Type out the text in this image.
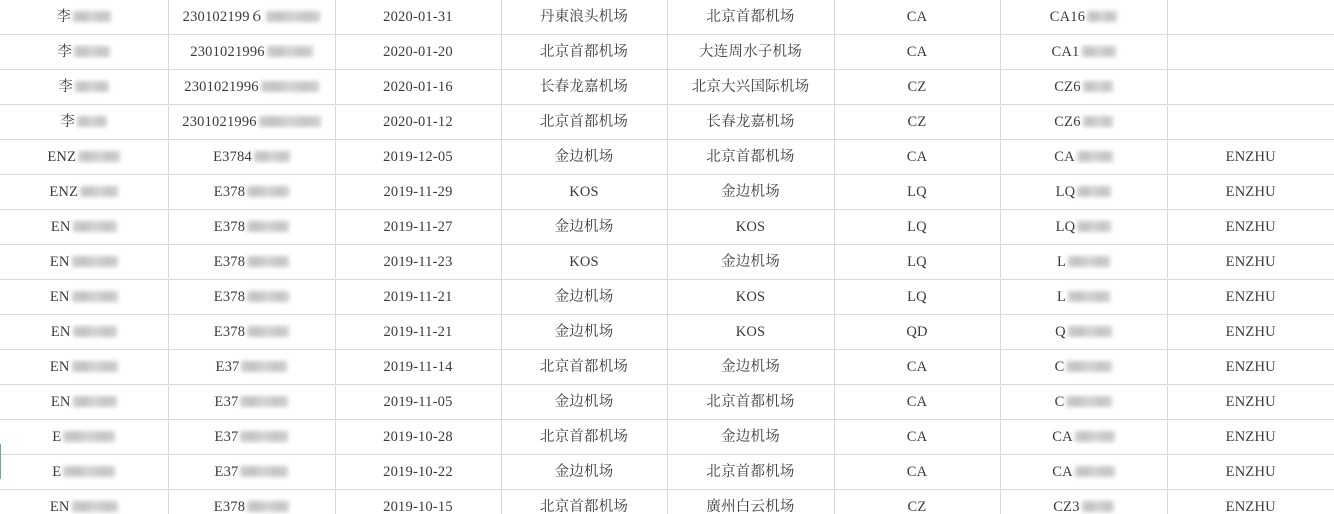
李	230102199６	2020-01-31	丹東浪头机场	北京首都机场	CA	CA16	

李	2301021996	2020-01-20	北京首都机场	大连周水子机场	CA	CA1	

李	2301021996	2020-01-16	长春龙嘉机场	北京大兴国际机场	CZ	CZ6	

李	2301021996	2020-01-12	北京首都机场	长春龙嘉机场	CZ	CZ6	

ENZ	E3784	2019-12-05	金边机场	北京首都机场	CA	CA	ENZHU

ENZ	E378	2019-11-29	KOS	金边机场	LQ	LQ	ENZHU

EN	E378	2019-11-27	金边机场	KOS	LQ	LQ	ENZHU

EN	E378	2019-11-23	KOS	金边机场	LQ	L	ENZHU

EN	E378	2019-11-21	金边机场	KOS	LQ	L	ENZHU

EN	E378	2019-11-21	金边机场	KOS	QD	Q	ENZHU

EN	E37	2019-11-14	北京首都机场	金边机场	CA	C	ENZHU

EN	E37	2019-11-05	金边机场	北京首都机场	CA	C	ENZHU

E	E37	2019-10-28	北京首都机场	金边机场	CA	CA	ENZHU

E	E37	2019-10-22	金边机场	北京首都机场	CA	CA	ENZHU

EN	E378	2019-10-15	北京首都机场	廣州白云机场	CZ	CZ3	ENZHU
